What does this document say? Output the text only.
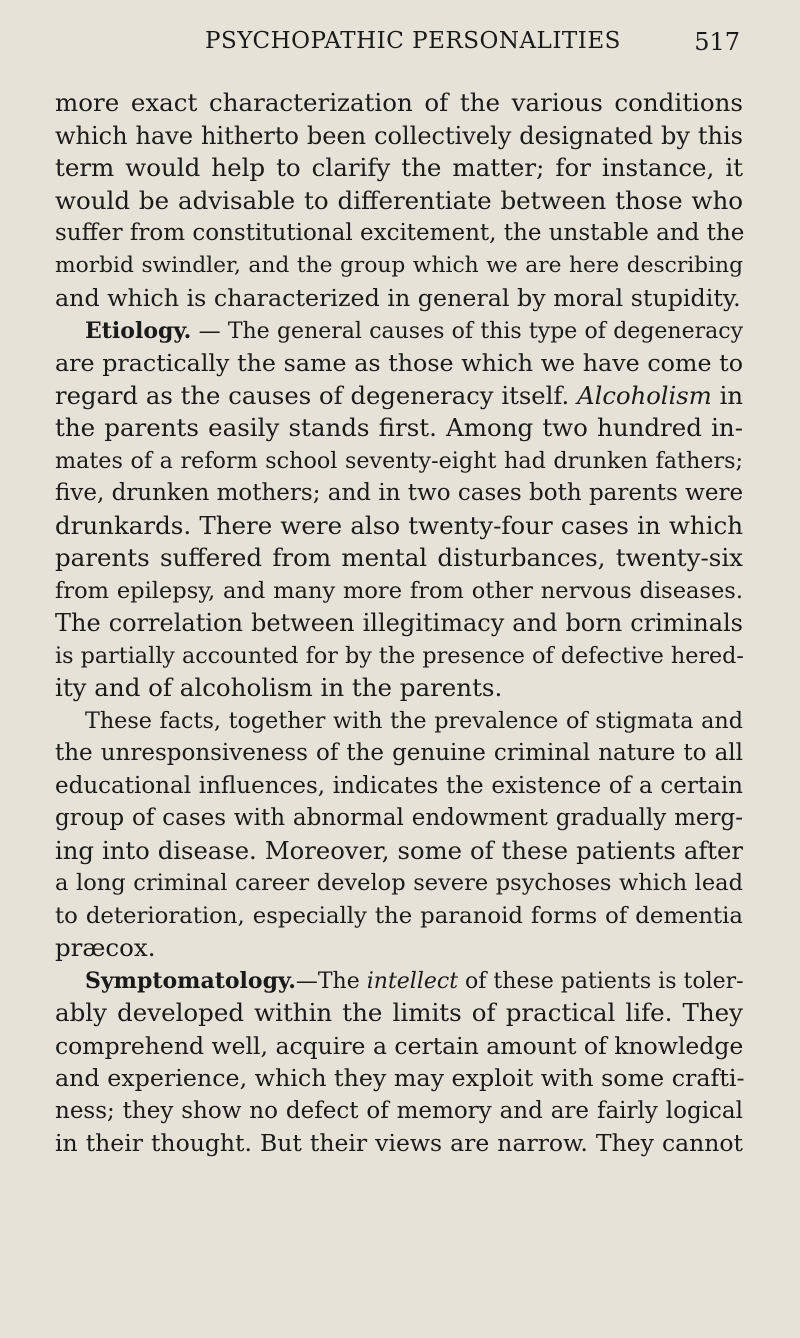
PSYCHOPATHIC PERSONALITIES	517
more exact characterization of the various conditions
which have hitherto been collectively designated by this
term would help to clarify the matter; for instance, it
would be advisable to differentiate between those who
suffer from constitutional excitement, the unstable and the
morbid swindler, and the group which we are here describing
and which is characterized in general by moral stupidity.
Etiology. — The general causes of this type of degeneracy
are practically the same as those which we have come to
regard as the causes of degeneracy itself. Alcoholism in
the parents easily stands first. Among two hundred in-
mates of a reform school seventy-eight had drunken fathers;
five, drunken mothers; and in two cases both parents were
drunkards. There were also twenty-four cases in which
parents suffered from mental disturbances, twenty-six
from epilepsy, and many more from other nervous diseases.
The correlation between illegitimacy and born criminals
is partially accounted for by the presence of defective hered-
ity and of alcoholism in the parents.
These facts, together with the prevalence of stigmata and
the unresponsiveness of the genuine criminal nature to all
educational influences, indicates the existence of a certain
group of cases with abnormal endowment gradually merg-
ing into disease. Moreover, some of these patients after
a long criminal career develop severe psychoses which lead
to deterioration, especially the paranoid forms of dementia
præcox.
Symptomatology.—The intellect of these patients is toler-
ably developed within the limits of practical life. They
comprehend well, acquire a certain amount of knowledge
and experience, which they may exploit with some crafti-
ness; they show no defect of memory and are fairly logical
in their thought. But their views are narrow. They cannot
